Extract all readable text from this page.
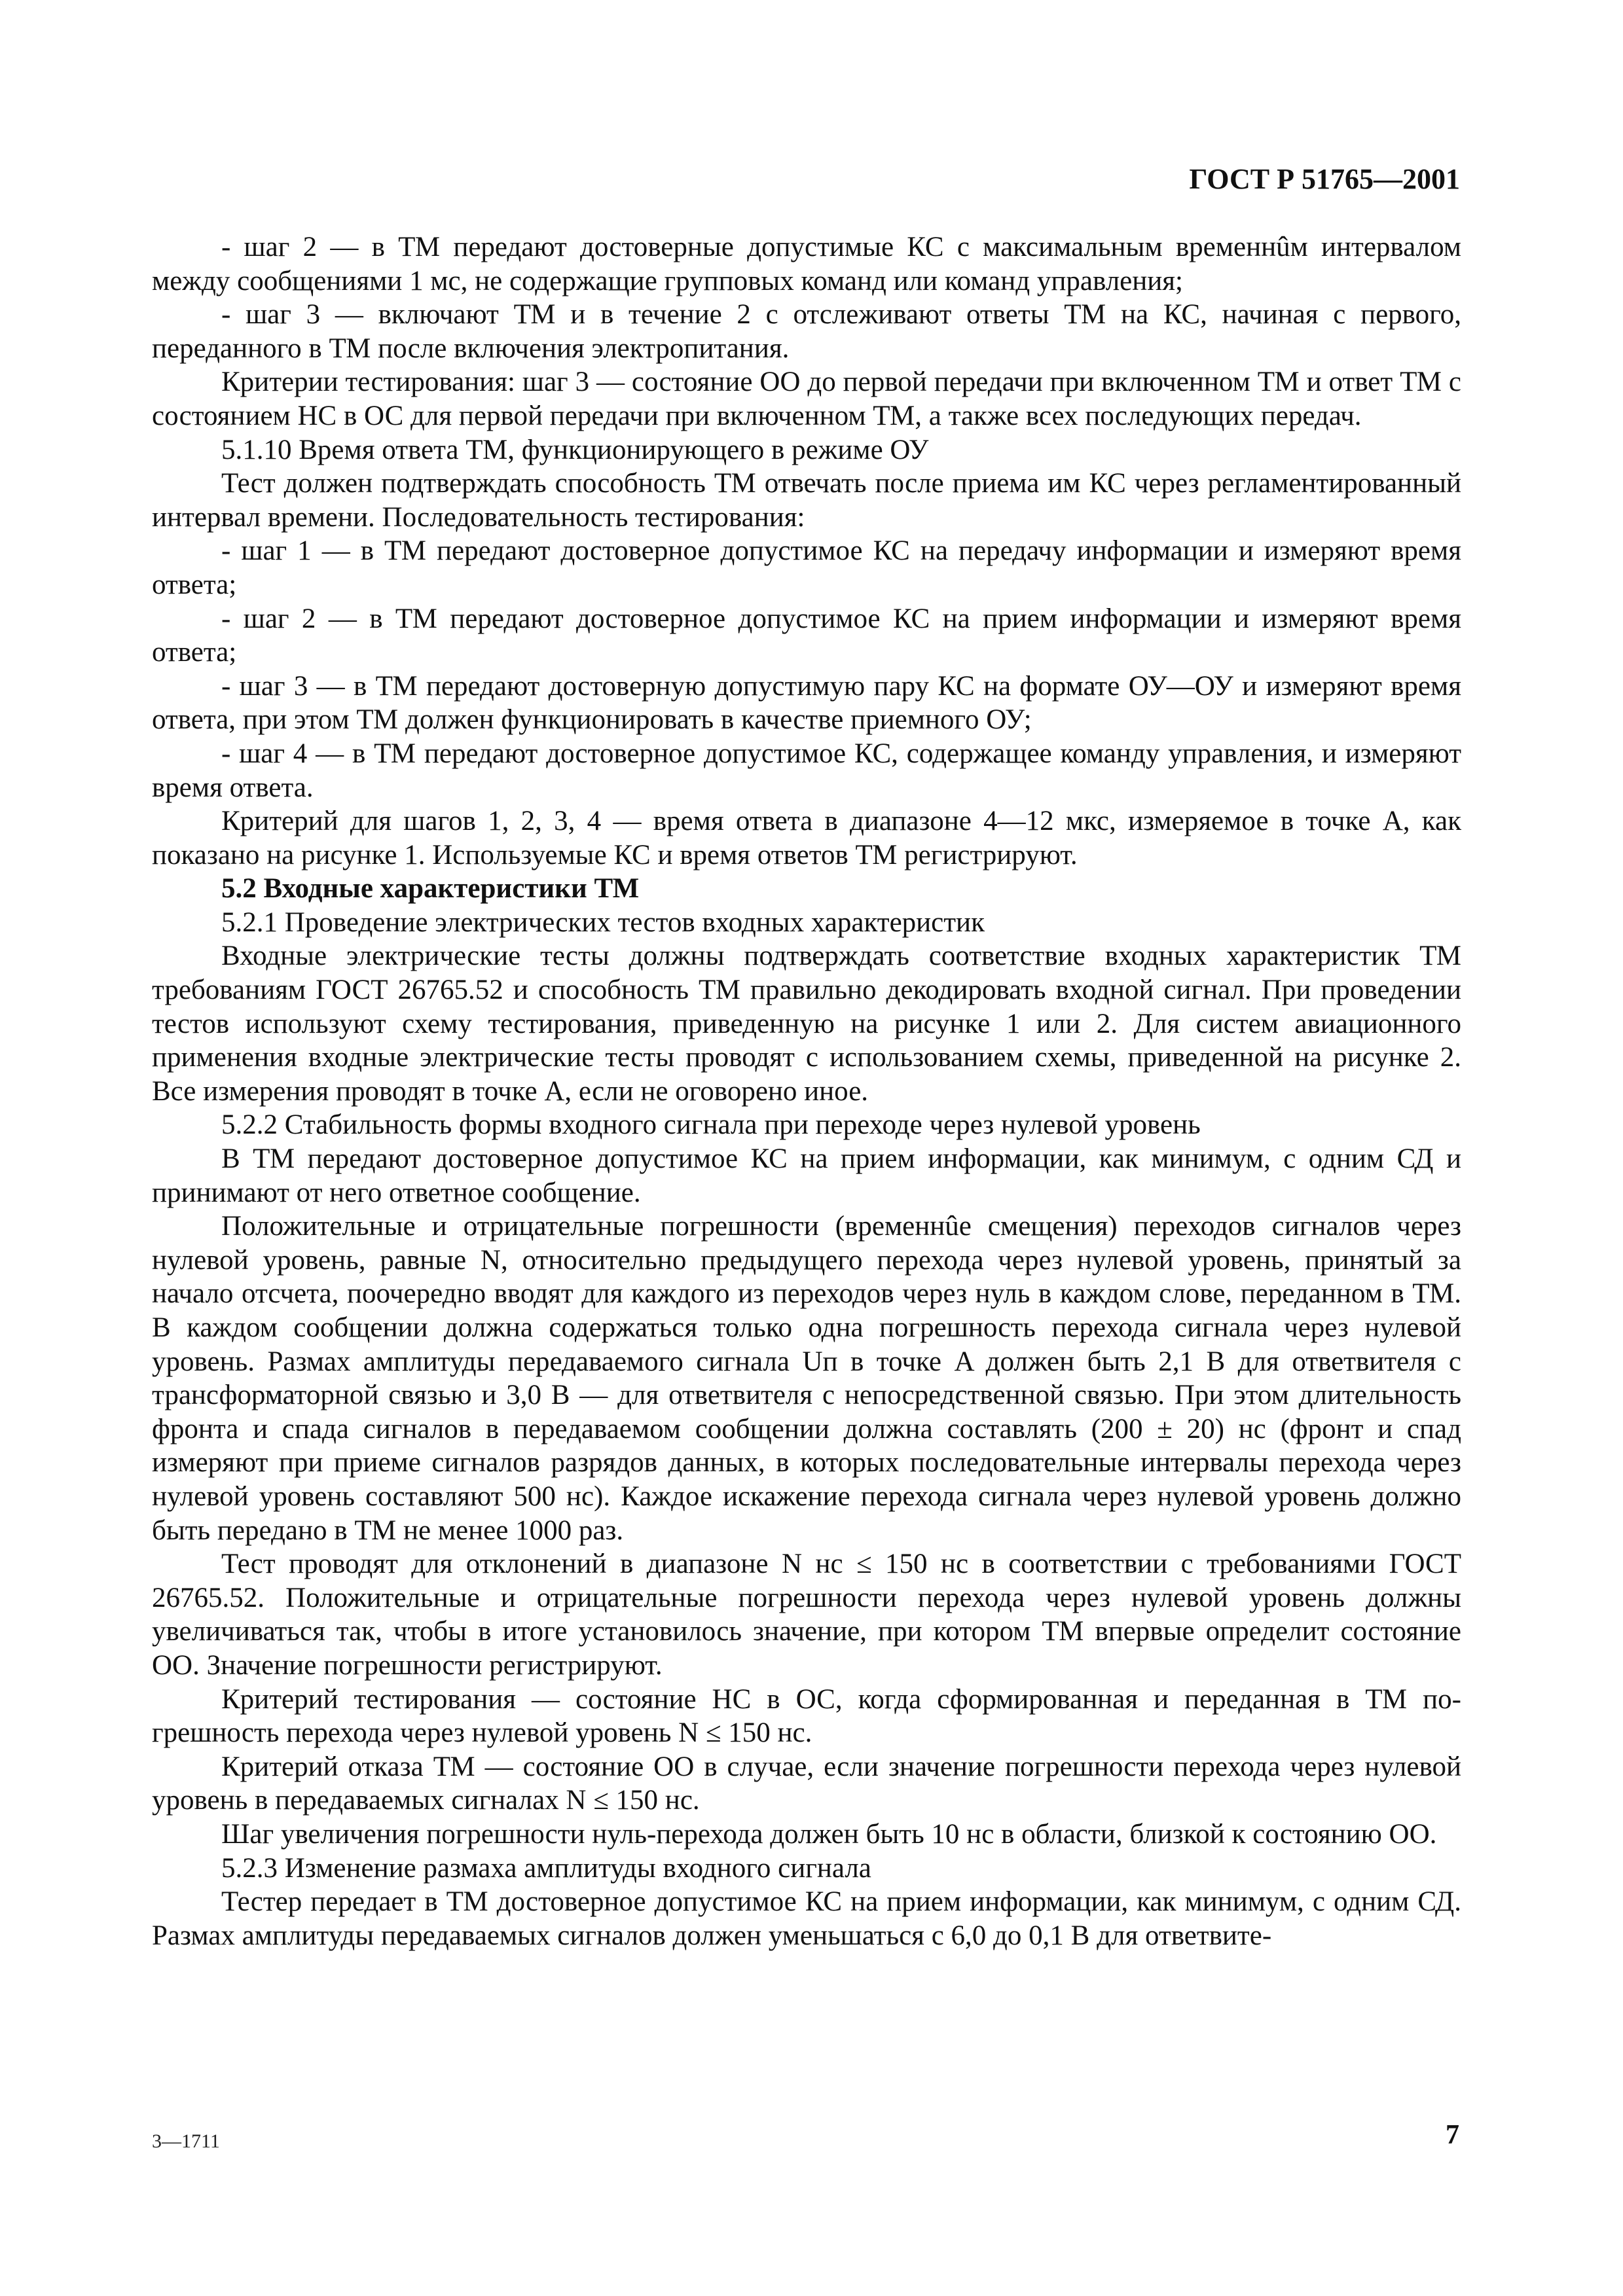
ГОСТ Р 51765—2001

- шаг 2 — в ТМ передают достоверные допустимые КС с максимальным временнûм интервалом между сообщениями 1 мс, не содержащие групповых команд или команд управления;

- шаг 3 — включают ТМ и в течение 2 с отслеживают ответы ТМ на КС, начиная с первого, переданного в ТМ после включения электропитания.

Критерии тестирования: шаг 3 — состояние ОО до первой передачи при включенном ТМ и ответ ТМ с состоянием НС в ОС для первой передачи при включенном ТМ, а также всех последующих передач.

5.1.10 Время ответа ТМ, функционирующего в режиме ОУ

Тест должен подтверждать способность ТМ отвечать после приема им КС через регламентированный интервал времени. Последовательность тестирования:

- шаг 1 — в ТМ передают достоверное допустимое КС на передачу информации и измеряют время ответа;

- шаг 2 — в ТМ передают достоверное допустимое КС на прием информации и измеряют время ответа;

- шаг 3 — в ТМ передают достоверную допустимую пару КС на формате ОУ—ОУ и измеряют время ответа, при этом ТМ должен функционировать в качестве приемного ОУ;

- шаг 4 — в ТМ передают достоверное допустимое КС, содержащее команду управления, и измеряют время ответа.

Критерий для шагов 1, 2, 3, 4 — время ответа в диапазоне 4—12 мкс, измеряемое в точке A, как показано на рисунке 1. Используемые КС и время ответов ТМ регистрируют.

5.2 Входные характеристики ТМ

5.2.1 Проведение электрических тестов входных характеристик

Входные электрические тесты должны подтверждать соответствие входных характеристик ТМ требованиям ГОСТ 26765.52 и способность ТМ правильно декодировать входной сигнал. При проведении тестов используют схему тестирования, приведенную на рисунке 1 или 2. Для систем авиационного применения входные электрические тесты проводят с использованием схемы, приведенной на рисунке 2. Все измерения проводят в точке A, если не оговорено иное.

5.2.2 Стабильность формы входного сигнала при переходе через нулевой уровень

В ТМ передают достоверное допустимое КС на прием информации, как минимум, с одним СД и принимают от него ответное сообщение.

Положительные и отрицательные погрешности (временнûе смещения) переходов сигналов через нулевой уровень, равные N, относительно предыдущего перехода через нулевой уровень, принятый за начало отсчета, поочередно вводят для каждого из переходов через нуль в каждом слове, переданном в ТМ. В каждом сообщении должна содержаться только одна погрешность перехода сигнала через нулевой уровень. Размах амплитуды передаваемого сигнала Uп в точке A должен быть 2,1 В для ответвителя с трансформаторной связью и 3,0 В — для ответвителя с непосредственной связью. При этом длительность фронта и спада сигналов в передаваемом сообщении должна составлять (200 ± 20) нс (фронт и спад измеряют при приеме сигналов разрядов данных, в которых последовательные интервалы перехода через нулевой уровень составляют 500 нс). Каждое искажение перехода сигнала через нулевой уровень должно быть передано в ТМ не менее 1000 раз.

Тест проводят для отклонений в диапазоне N нс ≤ 150 нс в соответствии с требованиями ГОСТ 26765.52. Положительные и отрицательные погрешности перехода через нулевой уровень должны увеличиваться так, чтобы в итоге установилось значение, при котором ТМ впервые определит состояние ОО. Значение погрешности регистрируют.

Критерий тестирования — состояние НС в ОС, когда сформированная и переданная в ТМ погрешность перехода через нулевой уровень N ≤ 150 нс.

Критерий отказа ТМ — состояние ОО в случае, если значение погрешности перехода через нулевой уровень в передаваемых сигналах N ≤ 150 нс.

Шаг увеличения погрешности нуль-перехода должен быть 10 нс в области, близкой к состоянию ОО.

5.2.3 Изменение размаха амплитуды входного сигнала

Тестер передает в ТМ достоверное допустимое КС на прием информации, как минимум, с одним СД. Размах амплитуды передаваемых сигналов должен уменьшаться с 6,0 до 0,1 В для ответвите-

3—1711	7
